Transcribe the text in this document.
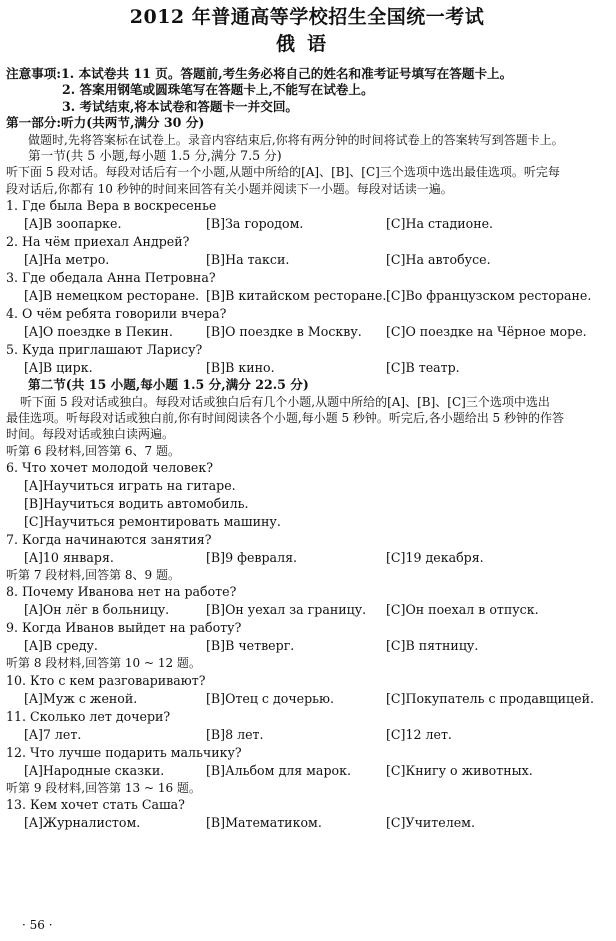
2012 年普通高等学校招生全国统一考试
俄语
注意事项:1. 本试卷共 11 页。答题前,考生务必将自己的姓名和准考证号填写在答题卡上。
2. 答案用钢笔或圆珠笔写在答题卡上,不能写在试卷上。
3. 考试结束,将本试卷和答题卡一并交回。
第一部分:听力(共两节,满分 30 分)
做题时,先将答案标在试卷上。录音内容结束后,你将有两分钟的时间将试卷上的答案转写到答题卡上。
第一节(共 5 小题,每小题 1.5 分,满分 7.5 分)
听下面 5 段对话。每段对话后有一个小题,从题中所给的[A]、[B]、[C]三个选项中选出最佳选项。听完每
段对话后,你都有 10 秒钟的时间来回答有关小题并阅读下一小题。每段对话读一遍。
1. Где была Вера в воскресенье
[A]В зоопарке.	[B]За городом.	[C]На стадионе.
2. На чём приехал Андрей?
[A]На метро.	[B]На такси.	[C]На автобусе.
3. Где обедала Анна Петровна?
[A]В немецком ресторане. [B]В китайском ресторане. [C]Во французском ресторане.
4. О чём ребята говорили вчера?
[A]О поездке в Пекин.	[B]О поездке в Москву.	[C]О поездке на Чёрное море.
5. Куда приглашают Ларису?
[A]В цирк.	[B]В кино.	[C]В театр.
第二节(共 15 小题,每小题 1.5 分,满分 22.5 分)
听下面 5 段对话或独白。每段对话或独白后有几个小题,从题中所给的[A]、[B]、[C]三个选项中选出
最佳选项。听每段对话或独白前,你有时间阅读各个小题,每小题 5 秒钟。听完后,各小题给出 5 秒钟的作答
时间。每段对话或独白读两遍。
听第 6 段材料,回答第 6、7 题。
6. Что хочет молодой человек?
[A]Научиться играть на гитаре.
[B]Научиться водить автомобиль.
[C]Научиться ремонтировать машину.
7. Когда начинаются занятия?
[A]10 января.	[B]9 февраля.	[C]19 декабря.
听第 7 段材料,回答第 8、9 题。
8. Почему Иванова нет на работе?
[A]Он лёг в больницу.	[B]Он уехал за границу.	[C]Он поехал в отпуск.
9. Когда Иванов выйдет на работу?
[A]В среду.	[B]В четверг.	[C]В пятницу.
听第 8 段材料,回答第 10 ~ 12 题。
10. Кто с кем разговаривают?
[A]Муж с женой.	[B]Отец с дочерью.	[C]Покупатель с продавщицей.
11. Сколько лет дочери?
[A]7 лет.	[B]8 лет.	[C]12 лет.
12. Что лучше подарить мальчику?
[A]Народные сказки.	[B]Альбом для марок.	[C]Книгу о животных.
听第 9 段材料,回答第 13 ~ 16 题。
13. Кем хочет стать Саша?
[A]Журналистом.	[B]Математиком.	[C]Учителем.
· 56 ·
